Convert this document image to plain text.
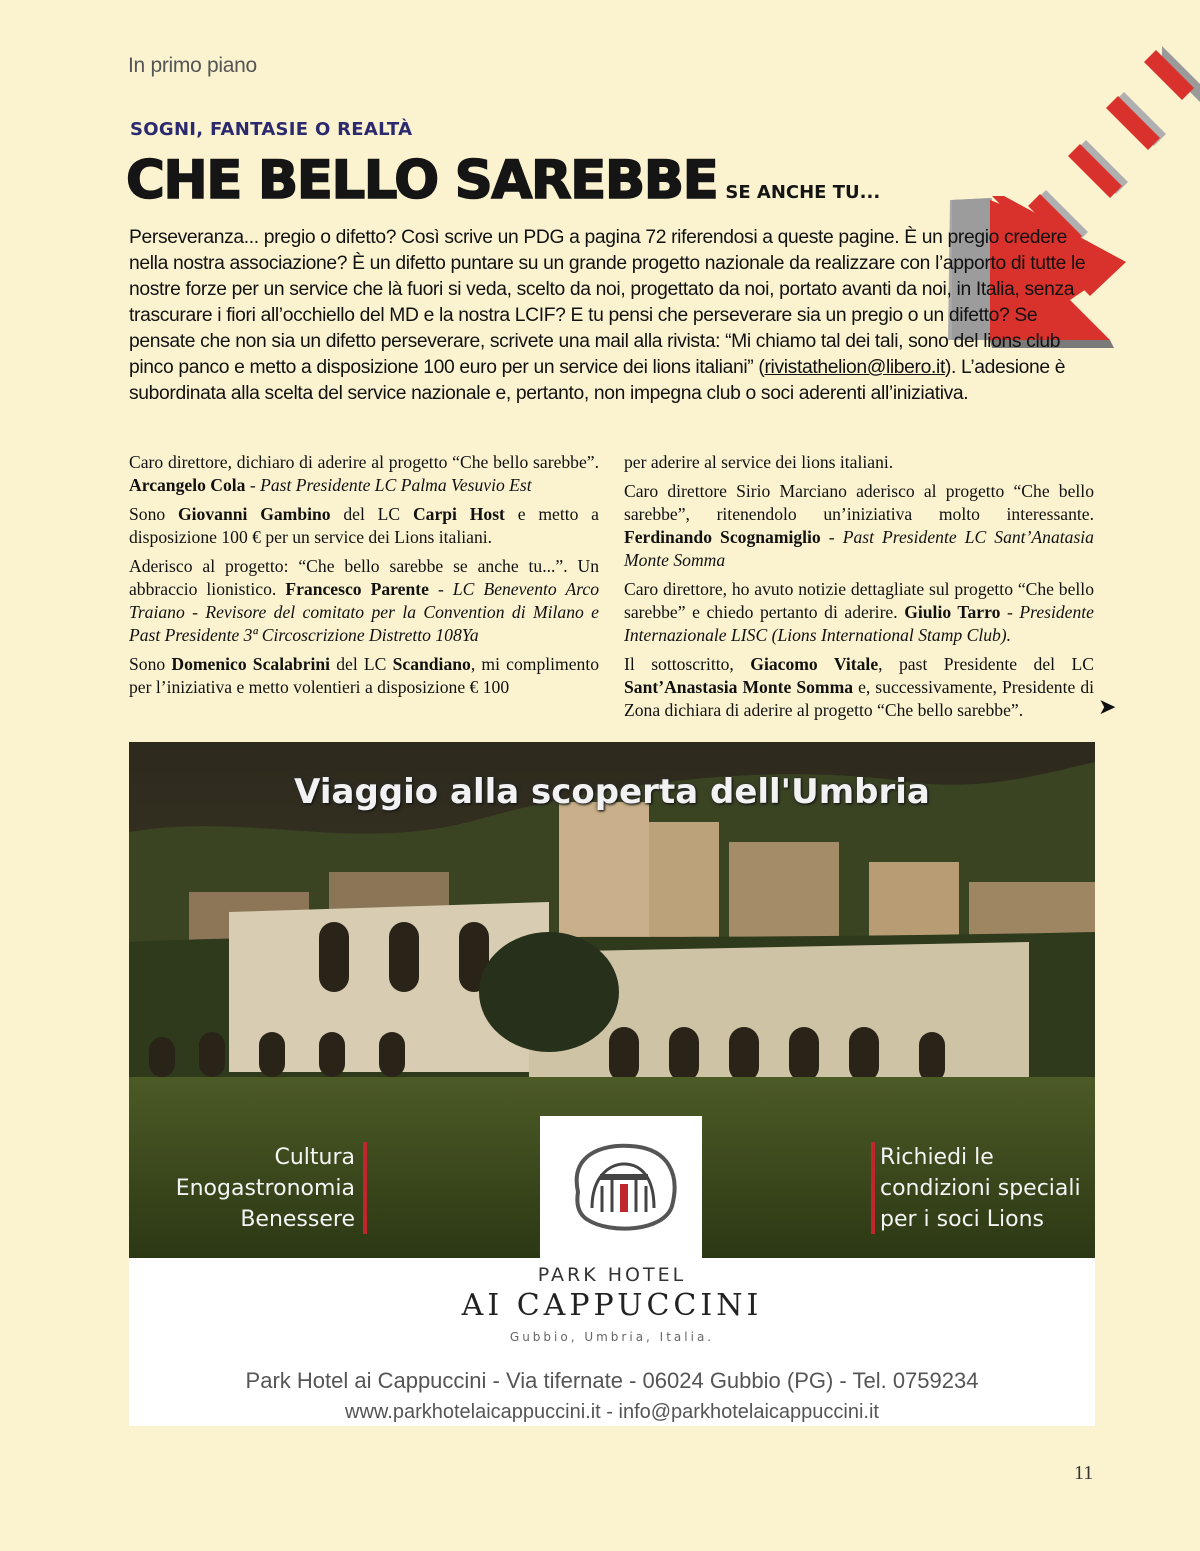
In primo piano
SOGNI, FANTASIE O REALTÀ
CHE BELLO SAREBBE SE ANCHE TU...
Perseveranza... pregio o difetto? Così scrive un PDG a pagina 72 riferendosi a queste pagine. È un pregio credere nella nostra associazione? È un difetto puntare su un grande progetto nazionale da realizzare con l’apporto di tutte le nostre forze per un service che là fuori si veda, scelto da noi, progettato da noi, portato avanti da noi, in Italia, senza trascurare i fiori all’occhiello del MD e la nostra LCIF? E tu pensi che perseverare sia un pregio o un difetto? Se pensate che non sia un difetto perseverare, scrivete una mail alla rivista: “Mi chiamo tal dei tali, sono del lions club pinco panco e metto a disposizione 100 euro per un service dei lions italiani” (rivistathelion@libero.it). L’adesione è subordinata alla scelta del service nazionale e, pertanto, non impegna club o soci aderenti all’iniziativa.

Caro direttore, dichiaro di aderire al progetto “Che bello sarebbe”. Arcangelo Cola - Past Presidente LC Palma Vesuvio Est

Sono Giovanni Gambino del LC Carpi Host e metto a disposizione 100 € per un service dei Lions italiani.

Aderisco al progetto: “Che bello sarebbe se anche tu...”. Un abbraccio lionistico. Francesco Parente - LC Benevento Arco Traiano - Revisore del comitato per la Convention di Milano e Past Presidente 3ª Circoscrizione Distretto 108Ya

Sono Domenico Scalabrini del LC Scandiano, mi complimento per l’iniziativa e metto volentieri a disposizione € 100

per aderire al service dei lions italiani.

Caro direttore Sirio Marciano aderisco al progetto “Che bello sarebbe”, ritenendolo un’iniziativa molto interessante. Ferdinando Scognamiglio - Past Presidente LC Sant’Anatasia Monte Somma

Caro direttore, ho avuto notizie dettagliate sul progetto “Che bello sarebbe” e chiedo pertanto di aderire. Giulio Tarro - Presidente Internazionale LISC (Lions International Stamp Club).

Il sottoscritto, Giacomo Vitale, past Presidente del LC Sant’Anastasia Monte Somma e, successivamente, Presidente di Zona dichiara di aderire al progetto “Che bello sarebbe”.	➤
Viaggio alla scoperta dell'Umbria
Cultura
Enogastronomia
Benessere
Richiedi le
condizioni speciali
per i soci Lions
PARK HOTEL
AI CAPPUCCINI
Gubbio, Umbria, Italia.
Park Hotel ai Cappuccini - Via tifernate - 06024 Gubbio (PG) - Tel. 0759234
www.parkhotelaicappuccini.it - info@parkhotelaicappuccini.it
11
